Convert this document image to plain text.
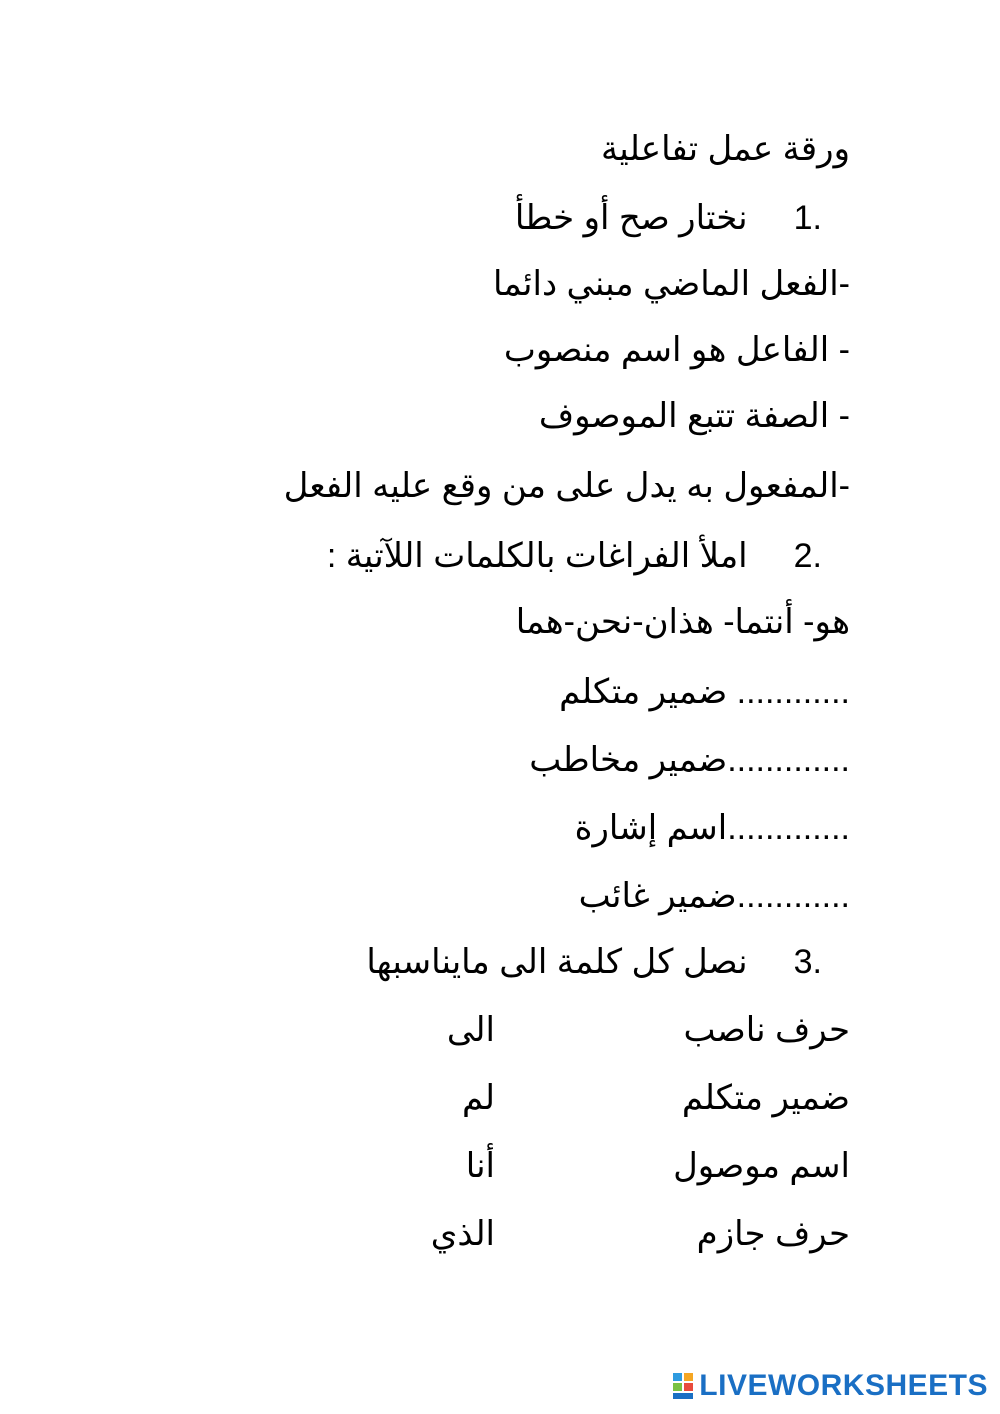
ورقة عمل تفاعلية
1.نختار صح أو خطأ
-الفعل الماضي مبني دائما
- الفاعل هو اسم منصوب
- الصفة تتبع الموصوف
-المفعول به يدل على من وقع عليه الفعل
2.املأ الفراغات بالكلمات اللآتية :
هو- أنتما- هذان-نحن-هما
............ ضمير متكلم
.............ضمير مخاطب
.............اسم إشارة
............ضمير غائب
3.نصل كل كلمة الى مايناسبها
حرف ناصب
الى
ضمير متكلم
لم
اسم موصول
أنا
حرف جازم
الذي
LIVEWORKSHEETS
